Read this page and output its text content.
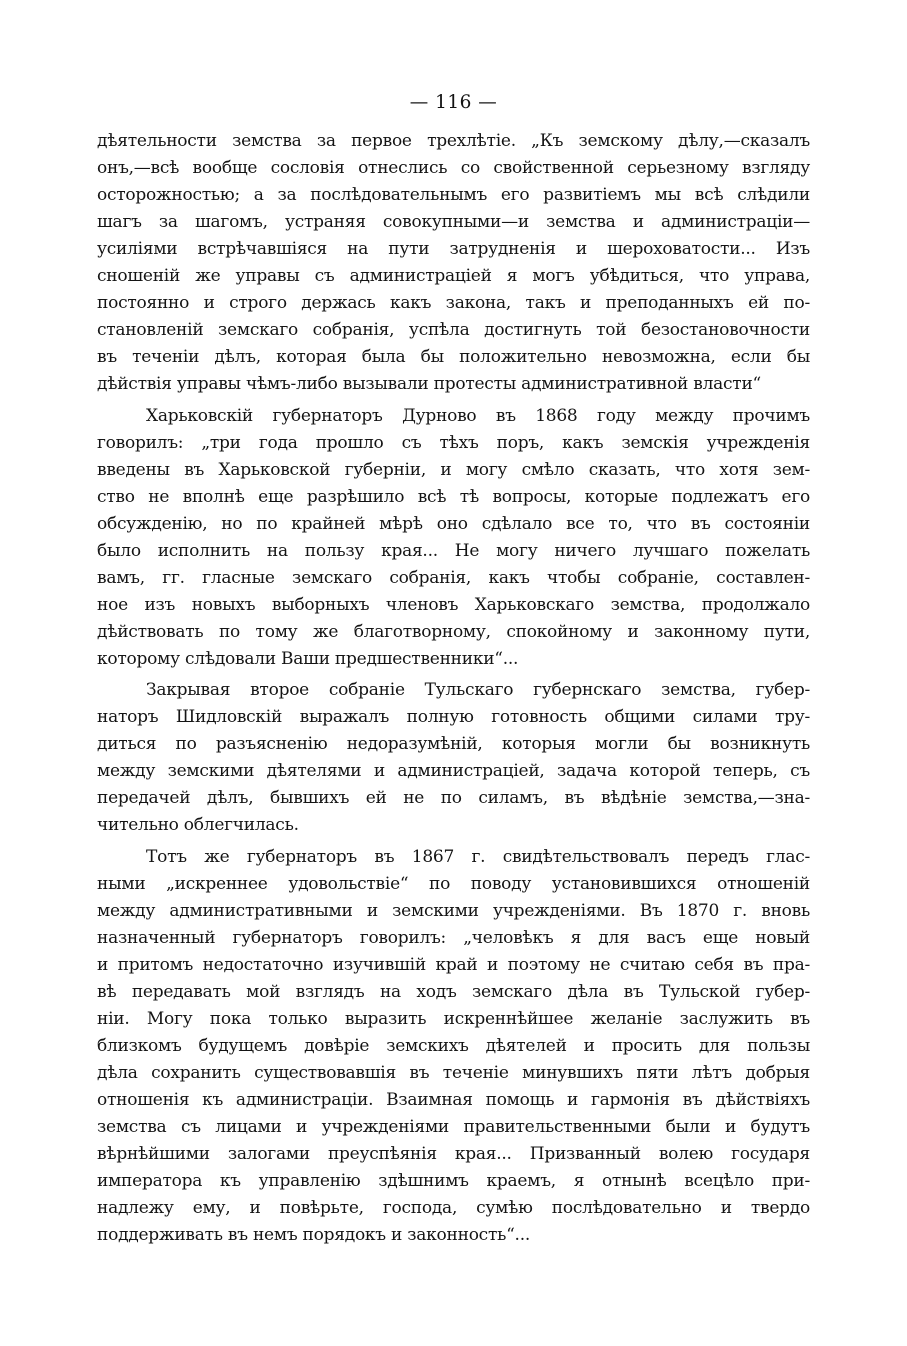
— 116 —
дѣятельности земства за первое трехлѣтіе. „Къ земскому дѣлу,—сказалъ
онъ,—всѣ вообще сословія отнеслись со свойственной серьезному взгляду
осторожностью; а за послѣдовательнымъ его развитіемъ мы всѣ слѣдили
шагъ за шагомъ, устраняя совокупными—и земства и администраціи—
усиліями встрѣчавшіяся на пути затрудненія и шероховатости... Изъ
сношеній же управы съ администраціей я могъ убѣдиться, что управа,
постоянно и строго держась какъ закона, такъ и преподанныхъ ей по-
становленій земскаго собранія, успѣла достигнуть той безостановочности
въ теченіи дѣлъ, которая была бы положительно невозможна, если бы
дѣйствія управы чѣмъ-либо вызывали протесты административной власти“
Харьковскій губернаторъ Дурново въ 1868 году между прочимъ
говорилъ: „три года прошло съ тѣхъ поръ, какъ земскія учрежденія
введены въ Харьковской губерніи, и могу смѣло сказать, что хотя зем-
ство не вполнѣ еще разрѣшило всѣ тѣ вопросы, которые подлежатъ его
обсужденію, но по крайней мѣрѣ оно сдѣлало все то, что въ состояніи
было исполнить на пользу края... Не могу ничего лучшаго пожелать
вамъ, гг. гласные земскаго собранія, какъ чтобы собраніе, составлен-
ное изъ новыхъ выборныхъ членовъ Харьковскаго земства, продолжало
дѣйствовать по тому же благотворному, спокойному и законному пути,
которому слѣдовали Ваши предшественники“...
Закрывая второе собраніе Тульскаго губернскаго земства, губер-
наторъ Шидловскій выражалъ полную готовность общими силами тру-
диться по разъясненію недоразумѣній, которыя могли бы возникнуть
между земскими дѣятелями и администраціей, задача которой теперь, съ
передачей дѣлъ, бывшихъ ей не по силамъ, въ вѣдѣніе земства,—зна-
чительно облегчилась.
Тотъ же губернаторъ въ 1867 г. свидѣтельствовалъ передъ глас-
ными „искреннее удовольствіе“ по поводу установившихся отношеній
между административными и земскими учрежденіями. Въ 1870 г. вновь
назначенный губернаторъ говорилъ: „человѣкъ я для васъ еще новый
и притомъ недостаточно изучившій край и поэтому не считаю себя въ пра-
вѣ передавать мой взглядъ на ходъ земскаго дѣла въ Тульской губер-
ніи. Могу пока только выразить искреннѣйшее желаніе заслужить въ
близкомъ будущемъ довѣріе земскихъ дѣятелей и просить для пользы
дѣла сохранить существовавшія въ теченіе минувшихъ пяти лѣтъ добрыя
отношенія къ администраціи. Взаимная помощь и гармонія въ дѣйствіяхъ
земства съ лицами и учрежденіями правительственными были и будутъ
вѣрнѣйшими залогами преуспѣянія края... Призванный волею государя
императора къ управленію здѣшнимъ краемъ, я отнынѣ всецѣло при-
надлежу ему, и повѣрьте, господа, сумѣю послѣдовательно и твердо
поддерживать въ немъ порядокъ и законность“...
